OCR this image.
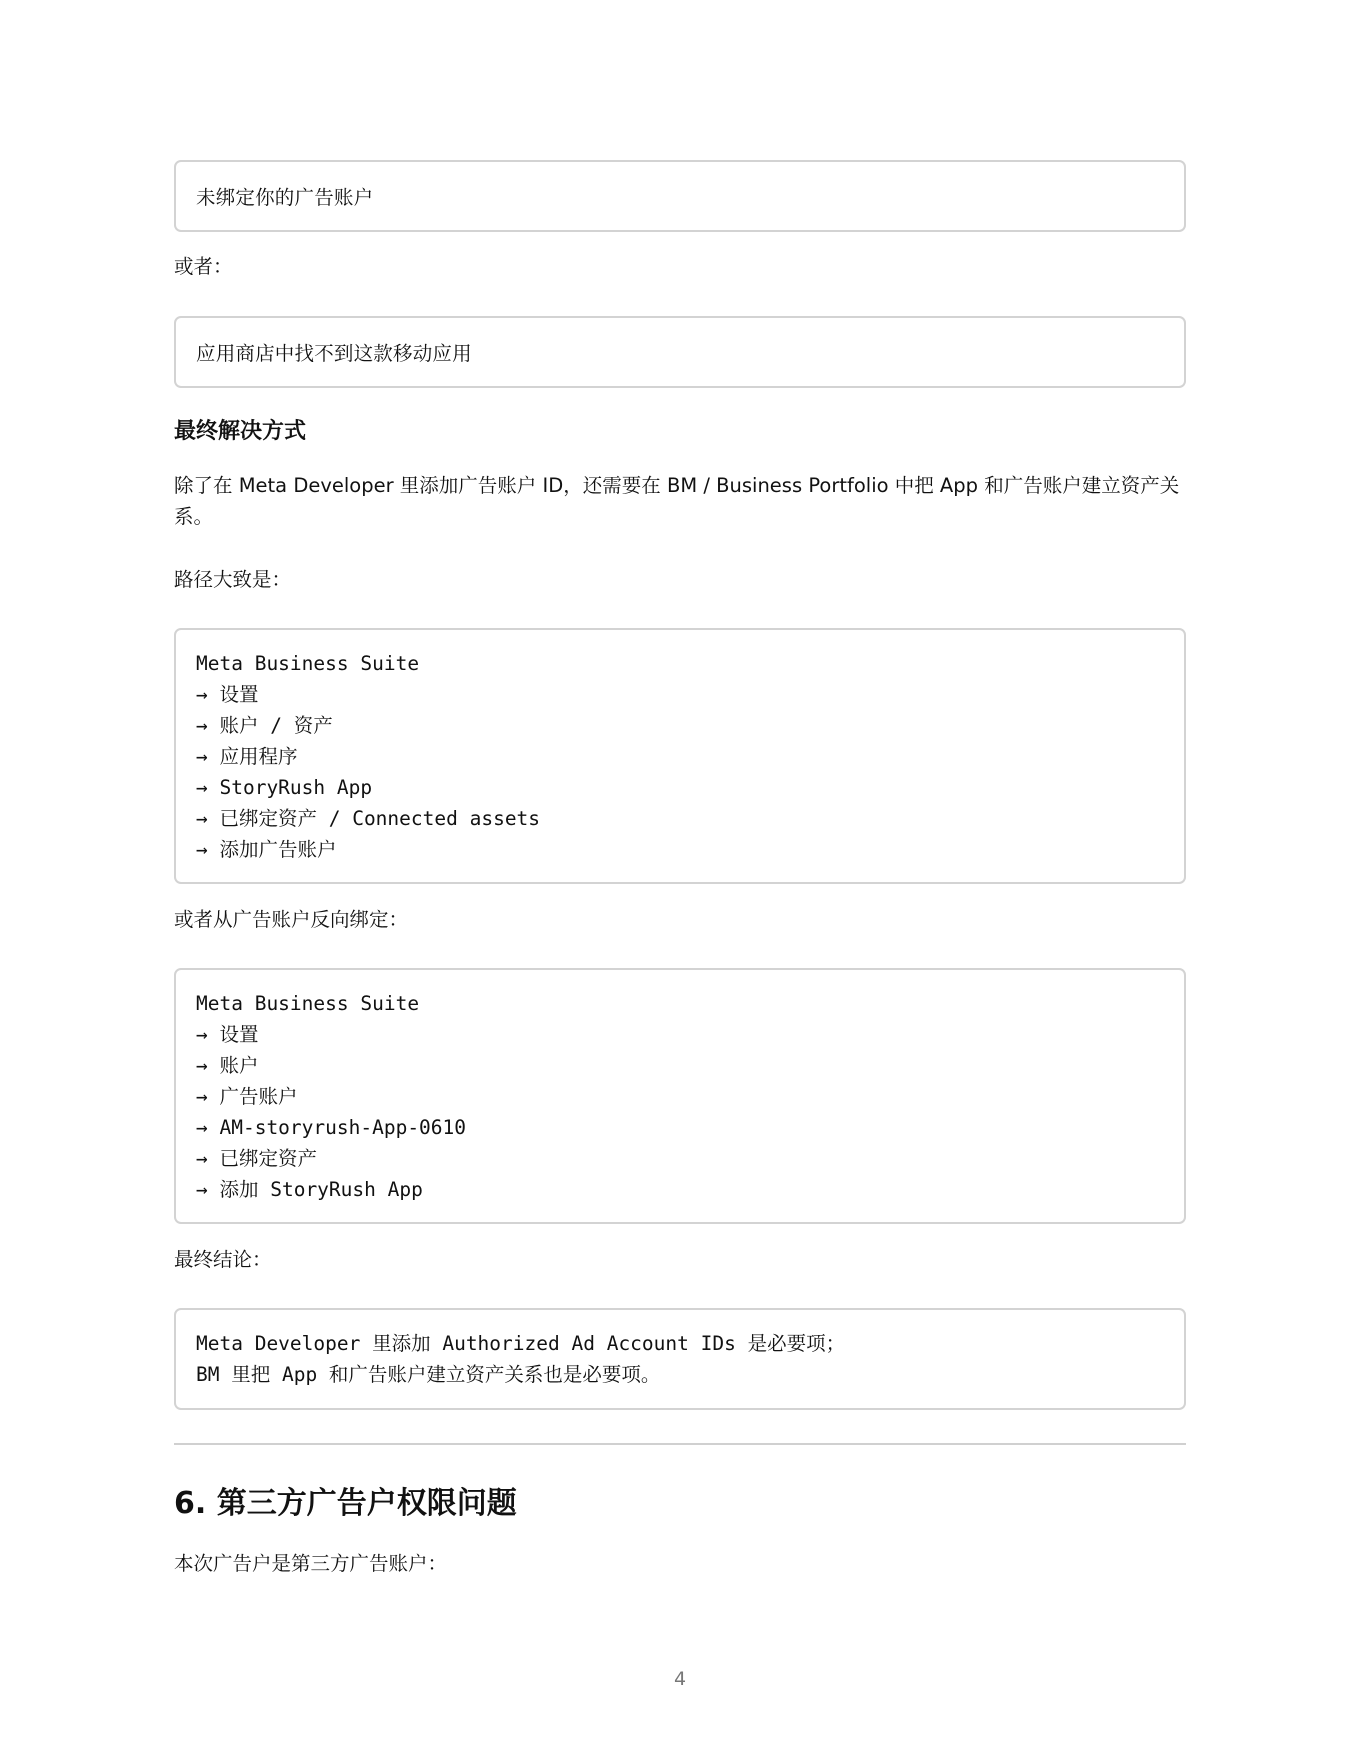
未绑定你的广告账户
或者：
应用商店中找不到这款移动应用
最终解决方式
除了在 Meta Developer 里添加广告账户 ID，还需要在 BM / Business Portfolio 中把 App 和广告账户建立资产关系。
路径大致是：
Meta Business Suite
→ 设置
→ 账户 / 资产
→ 应用程序
→ StoryRush App
→ 已绑定资产 / Connected assets
→ 添加广告账户
或者从广告账户反向绑定：
Meta Business Suite
→ 设置
→ 账户
→ 广告账户
→ AM-storyrush-App-0610
→ 已绑定资产
→ 添加 StoryRush App
最终结论：
Meta Developer 里添加 Authorized Ad Account IDs 是必要项；
BM 里把 App 和广告账户建立资产关系也是必要项。
6. 第三方广告户权限问题
本次广告户是第三方广告账户：
4
